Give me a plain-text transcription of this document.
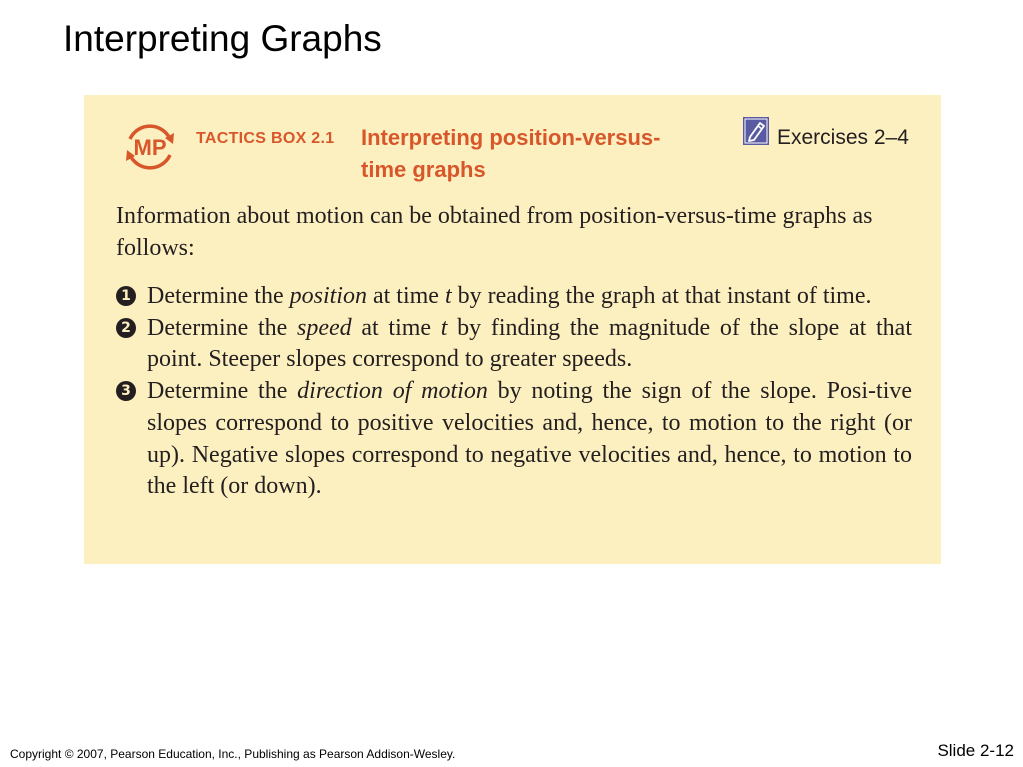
Interpreting Graphs
MP TACTICS BOX 2.1 Interpreting position-versus-
time graphs
Exercises 2–4

Information about motion can be obtained from position-versus-time graphs as follows:

1 Determine the position at time t by reading the graph at that instant of time.
2 Determine the speed at time t by finding the magnitude of the slope at that point. Steeper slopes correspond to greater speeds.
3 Determine the direction of motion by noting the sign of the slope. Posi-tive slopes correspond to positive velocities and, hence, to motion to the right (or up). Negative slopes correspond to negative velocities and, hence, to motion to the left (or down).
Copyright © 2007, Pearson Education, Inc., Publishing as Pearson Addison-Wesley.	Slide 2-12
